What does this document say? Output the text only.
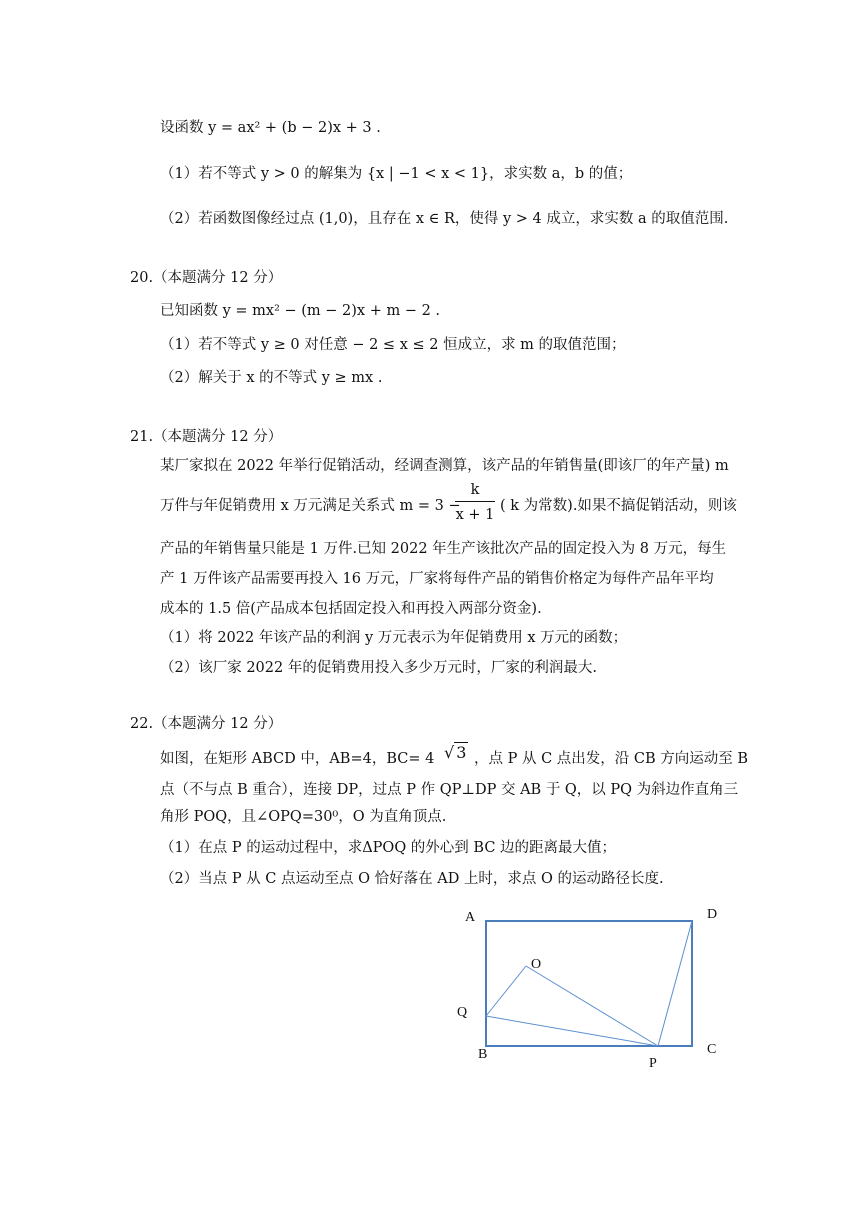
设函数 y = ax² + (b − 2)x + 3 .
（1）若不等式 y > 0 的解集为 {x | −1 < x < 1}，求实数 a，b 的值；
（2）若函数图像经过点 (1,0)，且存在 x ∈ R，使得 y > 4 成立，求实数 a 的取值范围.
20.（本题满分 12 分）
已知函数 y = mx² − (m − 2)x + m − 2 .
（1）若不等式 y ≥ 0 对任意 − 2 ≤ x ≤ 2 恒成立，求 m 的取值范围；
（2）解关于 x 的不等式 y ≥ mx .
21.（本题满分 12 分）
某厂家拟在 2022 年举行促销活动，经调查测算，该产品的年销售量(即该厂的年产量) m
万件与年促销费用 x 万元满足关系式 m = 3 −
k
x + 1
( k 为常数).如果不搞促销活动，则该
产品的年销售量只能是 1 万件.已知 2022 年生产该批次产品的固定投入为 8 万元，每生
产 1 万件该产品需要再投入 16 万元，厂家将每件产品的销售价格定为每件产品年平均
成本的 1.5 倍(产品成本包括固定投入和再投入两部分资金).
（1）将 2022 年该产品的利润 y 万元表示为年促销费用 x 万元的函数；
（2）该厂家 2022 年的促销费用投入多少万元时，厂家的利润最大.
22.（本题满分 12 分）
如图，在矩形 ABCD 中，AB=4，BC= 4 √ 3 ，点 P 从 C 点出发，沿 CB 方向运动至 B
点（不与点 B 重合），连接 DP，过点 P 作 QP⊥DP 交 AB 于 Q，以 PQ 为斜边作直角三
角形 POQ，且∠OPQ=30⁰，O 为直角顶点.
（1）在点 P 的运动过程中，求ΔPOQ 的外心到 BC 边的距离最大值；
（2）当点 P 从 C 点运动至点 O 恰好落在 AD 上时，求点 O 的运动路径长度.
A	D
O
Q
B	C
P
